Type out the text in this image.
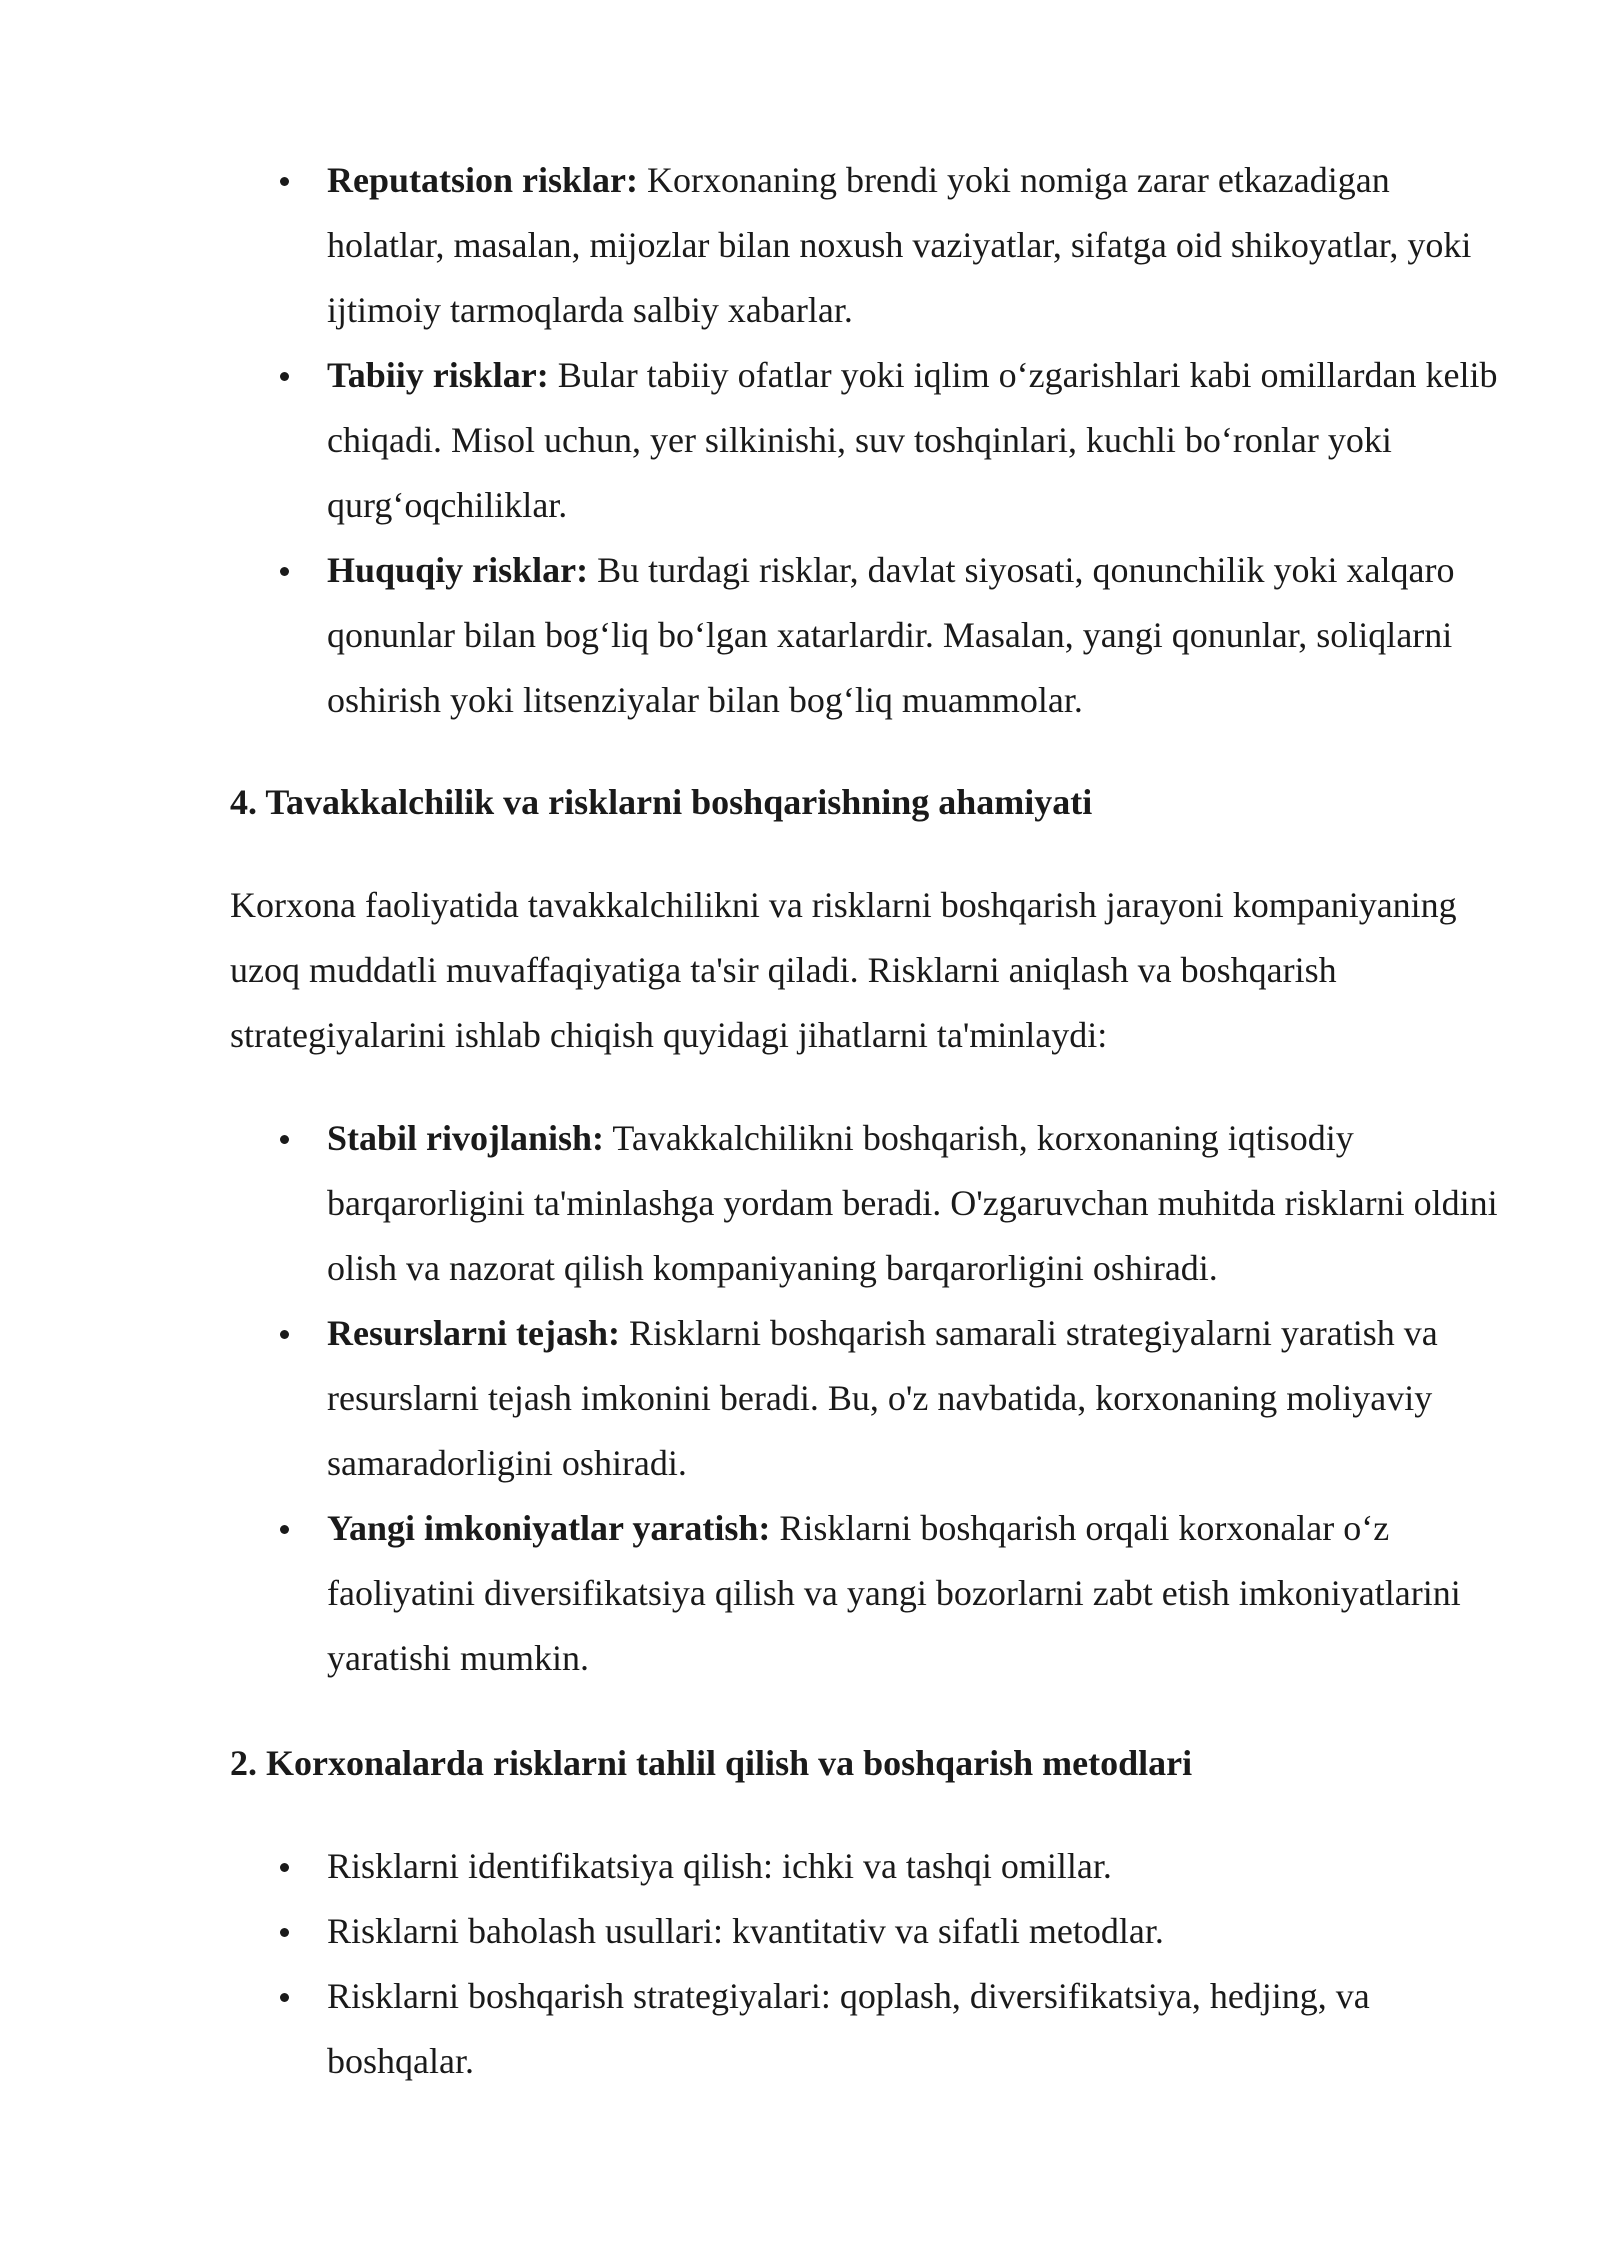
Reputatsion risklar: Korxonaning brendi yoki nomiga zarar etkazadigan holatlar, masalan, mijozlar bilan noxush vaziyatlar, sifatga oid shikoyatlar, yoki ijtimoiy tarmoqlarda salbiy xabarlar.
Tabiiy risklar: Bular tabiiy ofatlar yoki iqlim o‘zgarishlari kabi omillardan kelib chiqadi. Misol uchun, yer silkinishi, suv toshqinlari, kuchli bo‘ronlar yoki qurg‘oqchiliklar.
Huquqiy risklar: Bu turdagi risklar, davlat siyosati, qonunchilik yoki xalqaro qonunlar bilan bog‘liq bo‘lgan xatarlardir. Masalan, yangi qonunlar, soliqlarni oshirish yoki litsenziyalar bilan bog‘liq muammolar.
4. Tavakkalchilik va risklarni boshqarishning ahamiyati

Korxona faoliyatida tavakkalchilikni va risklarni boshqarish jarayoni kompaniyaning uzoq muddatli muvaffaqiyatiga ta'sir qiladi. Risklarni aniqlash va boshqarish strategiyalarini ishlab chiqish quyidagi jihatlarni ta'minlaydi:

Stabil rivojlanish: Tavakkalchilikni boshqarish, korxonaning iqtisodiy barqarorligini ta'minlashga yordam beradi. O'zgaruvchan muhitda risklarni oldini olish va nazorat qilish kompaniyaning barqarorligini oshiradi.
Resurslarni tejash: Risklarni boshqarish samarali strategiyalarni yaratish va resurslarni tejash imkonini beradi. Bu, o'z navbatida, korxonaning moliyaviy samaradorligini oshiradi.
Yangi imkoniyatlar yaratish: Risklarni boshqarish orqali korxonalar o‘z faoliyatini diversifikatsiya qilish va yangi bozorlarni zabt etish imkoniyatlarini yaratishi mumkin.
2. Korxonalarda risklarni tahlil qilish va boshqarish metodlari
Risklarni identifikatsiya qilish: ichki va tashqi omillar.
Risklarni baholash usullari: kvantitativ va sifatli metodlar.
Risklarni boshqarish strategiyalari: qoplash, diversifikatsiya, hedjing, va boshqalar.
